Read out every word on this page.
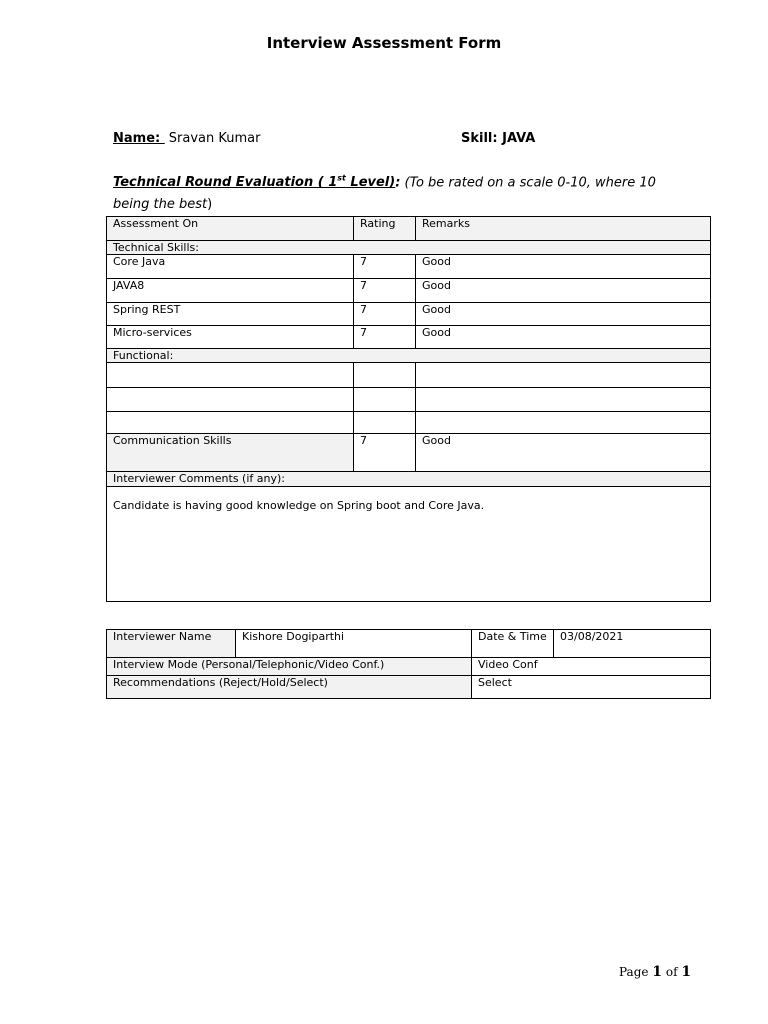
Interview Assessment Form
Name: Sravan Kumar	Skill: JAVA
Technical Round Evaluation ( 1st Level): (To be rated on a scale 0-10, where 10 being the best)
Assessment On	Rating	Remarks
Technical Skills:		
Core Java	7	Good
JAVA8	7	Good
Spring REST	7	Good
Micro-services	7	Good
Functional:		

Communication Skills	7	Good
Interviewer Comments (if any):		
Candidate is having good knowledge on Spring boot and Core Java.		
Interviewer Name	Kishore Dogiparthi	Date & Time	03/08/2021
Interview Mode (Personal/Telephonic/Video Conf.)		Video Conf	
Recommendations (Reject/Hold/Select)		Select	
Page 1 of 1
